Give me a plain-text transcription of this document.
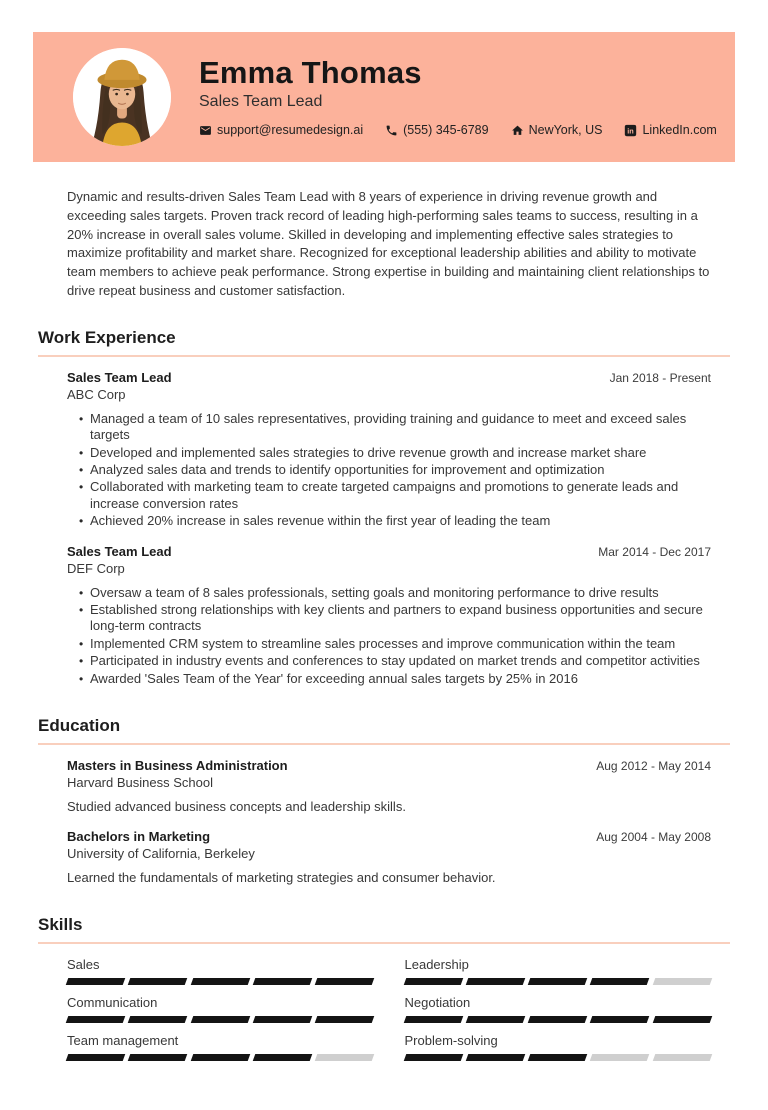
Emma Thomas
Sales Team Lead
support@resumedesign.ai	(555) 345-6789	NewYork, US in LinkedIn.com

Dynamic and results-driven Sales Team Lead with 8 years of experience in driving revenue growth and exceeding sales targets. Proven track record of leading high-performing sales teams to success, resulting in a 20% increase in overall sales volume. Skilled in developing and implementing effective sales strategies to maximize profitability and market share. Recognized for exceptional leadership abilities and ability to motivate team members to achieve peak performance. Strong expertise in building and maintaining client relationships to drive repeat business and customer satisfaction.

Work Experience
Sales Team Lead	Jan 2018 - Present
ABC Corp
• Managed a team of 10 sales representatives, providing training and guidance to meet and exceed sales targets
• Developed and implemented sales strategies to drive revenue growth and increase market share
• Analyzed sales data and trends to identify opportunities for improvement and optimization
• Collaborated with marketing team to create targeted campaigns and promotions to generate leads and increase conversion rates
• Achieved 20% increase in sales revenue within the first year of leading the team
Sales Team Lead	Mar 2014 - Dec 2017
DEF Corp
• Oversaw a team of 8 sales professionals, setting goals and monitoring performance to drive results
• Established strong relationships with key clients and partners to expand business opportunities and secure long-term contracts
• Implemented CRM system to streamline sales processes and improve communication within the team
• Participated in industry events and conferences to stay updated on market trends and competitor activities
• Awarded 'Sales Team of the Year' for exceeding annual sales targets by 25% in 2016
Education
Masters in Business Administration	Aug 2012 - May 2014
Harvard Business School
Studied advanced business concepts and leadership skills.
Bachelors in Marketing	Aug 2004 - May 2008
University of California, Berkeley
Learned the fundamentals of marketing strategies and consumer behavior.
Skills
Sales	Leadership
Communication	Negotiation
Team management	Problem-solving
